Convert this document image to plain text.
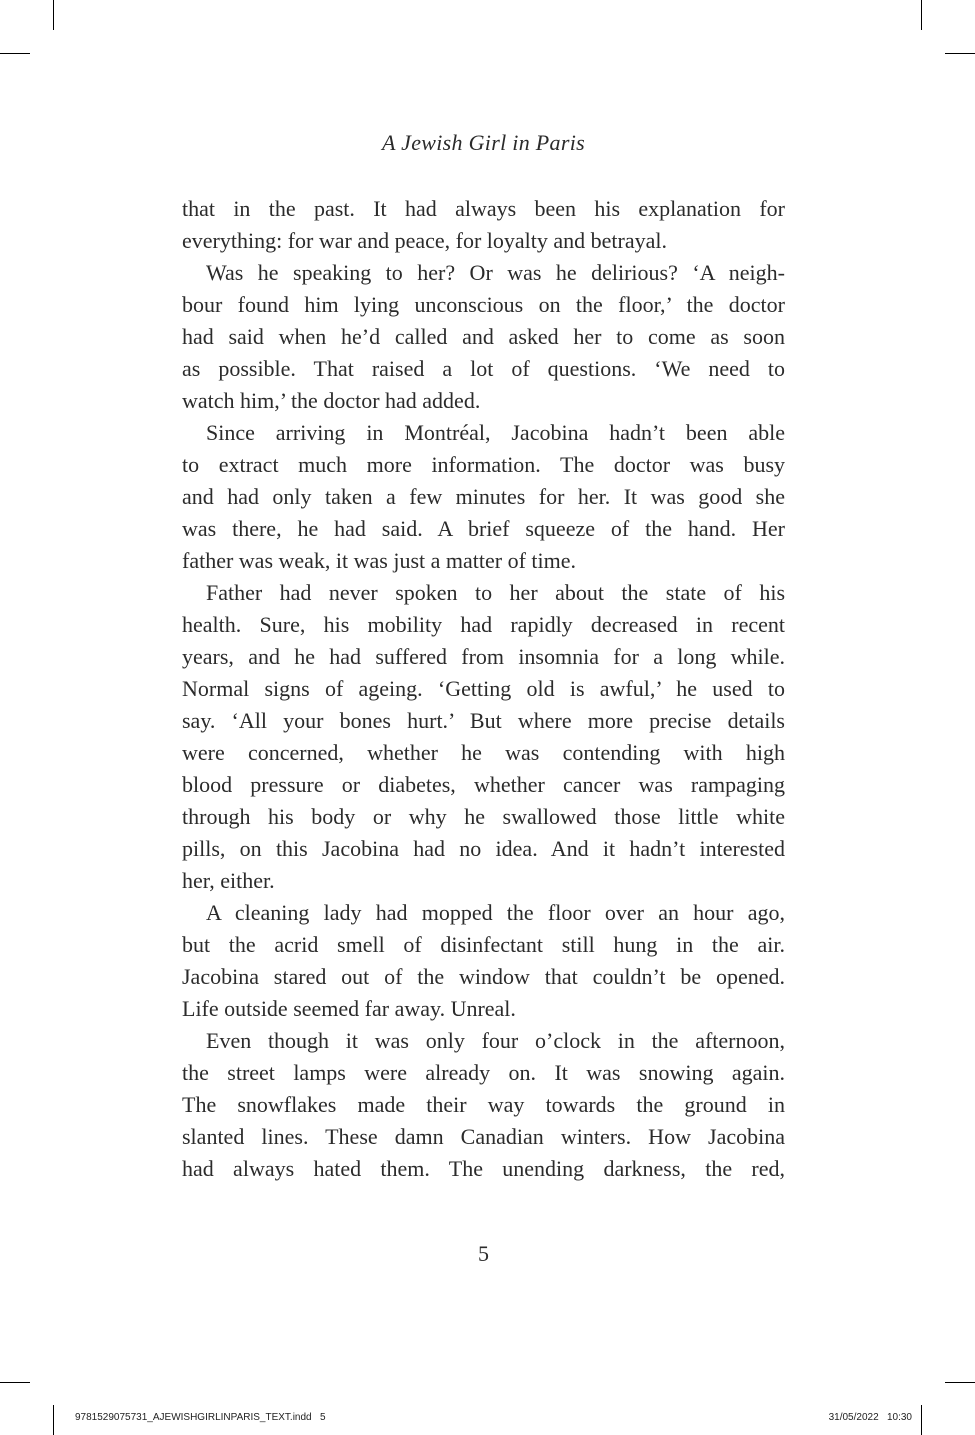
A Jewish Girl in Paris
that in the past. It had always been his explanation for
everything: for war and peace, for loyalty and betrayal.
Was he speaking to her? Or was he delirious? ‘A neigh-
bour found him lying unconscious on the floor,’ the doctor
had said when he’d called and asked her to come as soon
as possible. That raised a lot of questions. ‘We need to
watch him,’ the doctor had added.
Since arriving in Montréal, Jacobina hadn’t been able
to extract much more information. The doctor was busy
and had only taken a few minutes for her. It was good she
was there, he had said. A brief squeeze of the hand. Her
father was weak, it was just a matter of time.
Father had never spoken to her about the state of his
health. Sure, his mobility had rapidly decreased in recent
years, and he had suffered from insomnia for a long while.
Normal signs of ageing. ‘Getting old is awful,’ he used to
say. ‘All your bones hurt.’ But where more precise details
were concerned, whether he was contending with high
blood pressure or diabetes, whether cancer was rampaging
through his body or why he swallowed those little white
pills, on this Jacobina had no idea. And it hadn’t interested
her, either.
A cleaning lady had mopped the floor over an hour ago,
but the acrid smell of disinfectant still hung in the air.
Jacobina stared out of the window that couldn’t be opened.
Life outside seemed far away. Unreal.
Even though it was only four o’clock in the afternoon,
the street lamps were already on. It was snowing again.
The snowflakes made their way towards the ground in
slanted lines. These damn Canadian winters. How Jacobina
had always hated them. The unending darkness, the red,
5
9781529075731_AJEWISHGIRLINPARIS_TEXT.indd   5	31/05/2022   10:30
